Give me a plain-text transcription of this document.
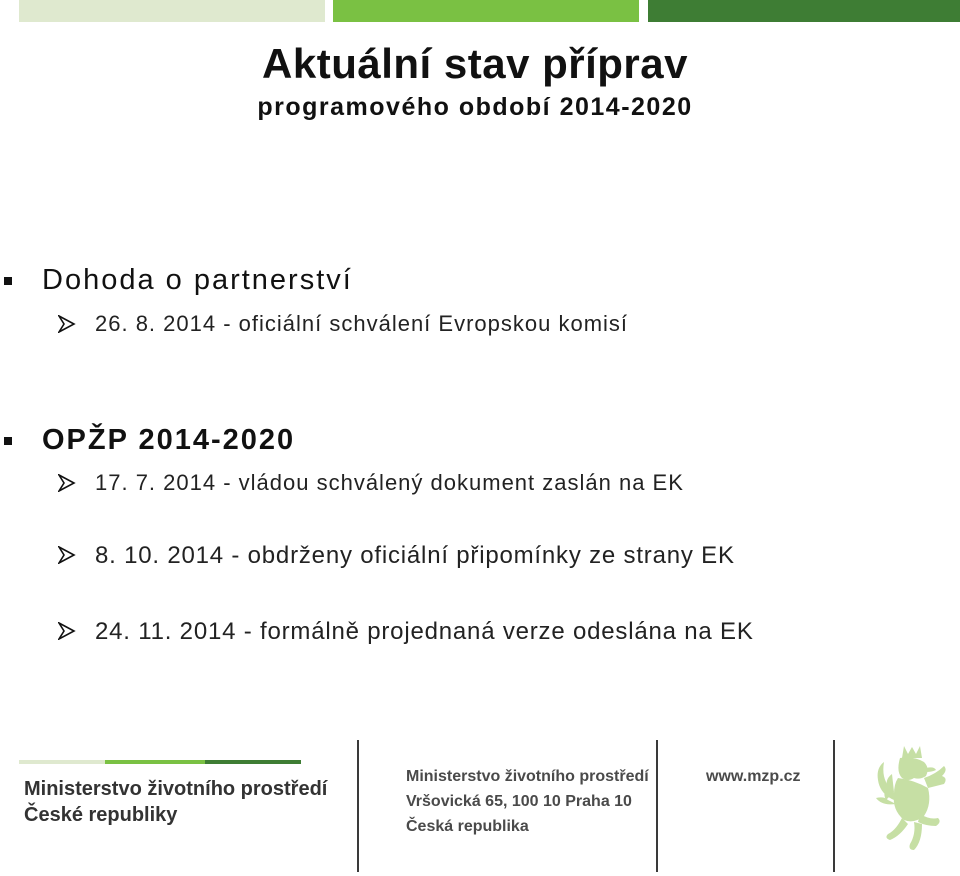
Aktuální stav příprav
programového období 2014-2020
Dohoda o partnerství
26. 8. 2014 - oficiální schválení Evropskou komisí
OPŽP 2014-2020
17. 7. 2014 - vládou schválený dokument zaslán na EK
8. 10. 2014 - obdrženy oficiální připomínky ze strany EK
24. 11. 2014 - formálně projednaná verze odeslána na EK
Ministerstvo životního prostředí
České republiky
Ministerstvo životního prostředí
Vršovická 65, 100 10 Praha 10
Česká republika
www.mzp.cz
